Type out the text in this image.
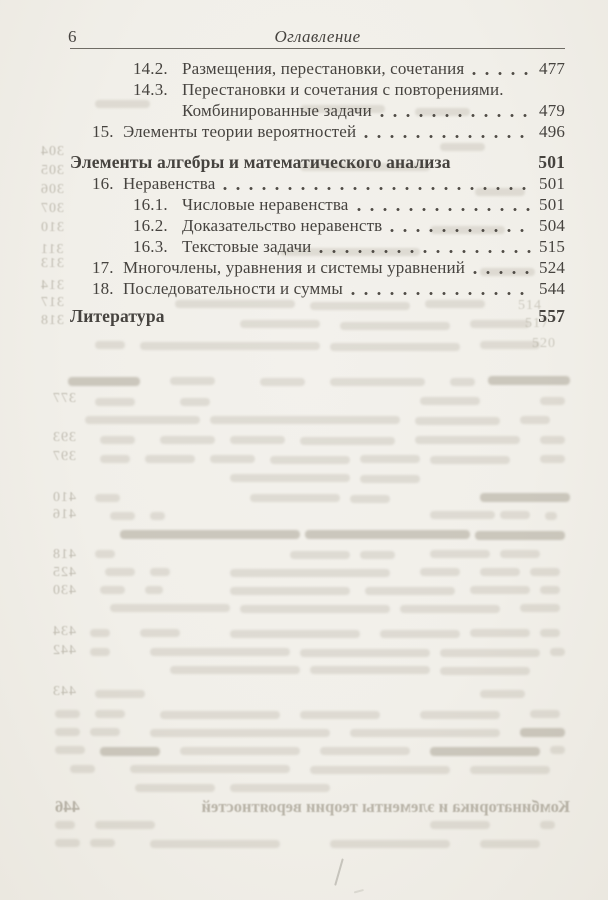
304
305
306
307
310
311
313
314
317
318
377
393
397
410
416
418
425
430
434
442
443
514
517
520
Комбинаторика и элементы теории вероятностей
446
6	Оглавление
14.2. Размещения, перестановки, сочетания	477
14.3. Перестановки и сочетания с повторениями.
Комбинированные задачи	479
15. Элементы теории вероятностей	496
Элементы алгебры и математического анализа	501
16. Неравенства	501
16.1. Числовые неравенства	501
16.2. Доказательство неравенств	504
16.3. Текстовые задачи	515
17. Многочлены, уравнения и системы уравнений	524
18. Последовательности и суммы	544
Литература	557
